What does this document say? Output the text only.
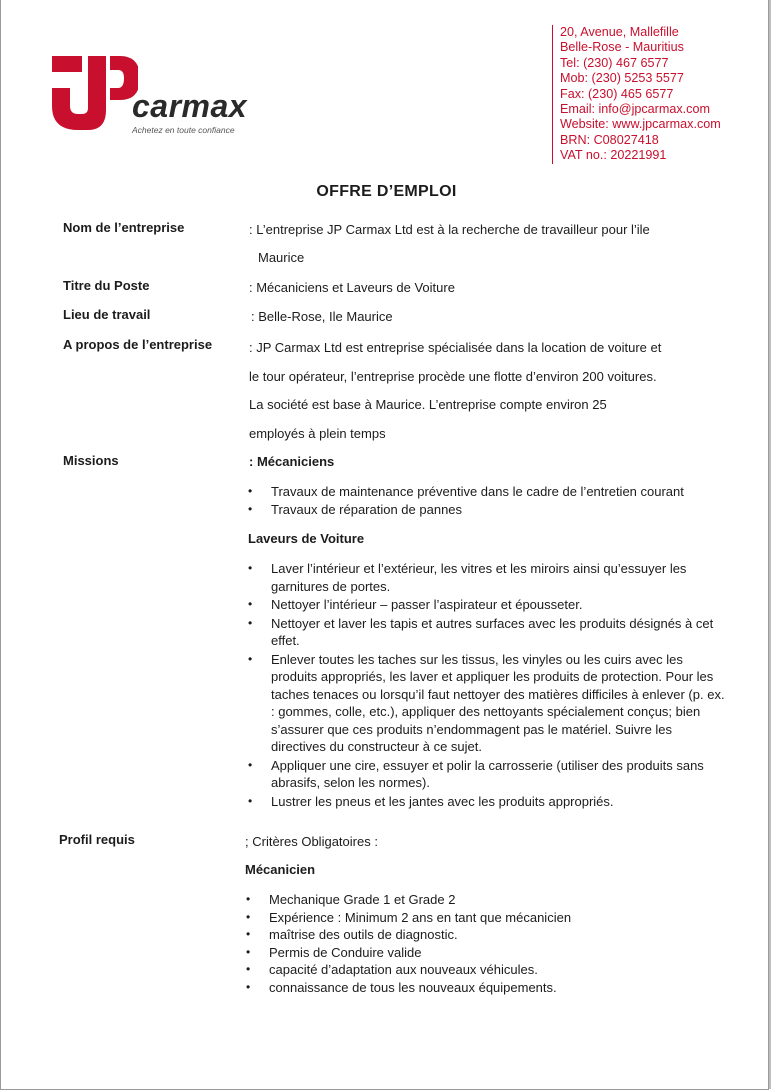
carmax
Achetez en toute confiance
20, Avenue, Mallefille
Belle-Rose - Mauritius
Tel: (230) 467 6577
Mob: (230) 5253 5577
Fax: (230) 465 6577
Email: info@jpcarmax.com
Website: www.jpcarmax.com
BRN: C08027418
VAT no.: 20221991
OFFRE D’EMPLOI
Nom de l’entreprise	: L’entreprise JP Carmax Ltd est à la recherche de travailleur pour l’ile
Maurice
Titre du Poste	: Mécaniciens et Laveurs de Voiture
Lieu de travail	: Belle-Rose, Ile Maurice
A propos de l’entreprise	: JP Carmax Ltd est entreprise spécialisée dans la location de voiture et
le tour opérateur, l’entreprise procède une flotte d’environ 200 voitures.
La société est base à Maurice. L’entreprise compte environ 25
employés à plein temps
Missions	: Mécaniciens
• Travaux de maintenance préventive dans le cadre de l’entretien courant
• Travaux de réparation de pannes
Laveurs de Voiture
• Laver l’intérieur et l’extérieur, les vitres et les miroirs ainsi qu’essuyer les garnitures de portes.
• Nettoyer l’intérieur – passer l’aspirateur et épousseter.
• Nettoyer et laver les tapis et autres surfaces avec les produits désignés à cet effet.
• Enlever toutes les taches sur les tissus, les vinyles ou les cuirs avec les produits appropriés, les laver et appliquer les produits de protection. Pour les taches tenaces ou lorsqu’il faut nettoyer des matières difficiles à enlever (p. ex. : gommes, colle, etc.), appliquer des nettoyants spécialement conçus; bien s’assurer que ces produits n’endommagent pas le matériel. Suivre les directives du constructeur à ce sujet.
• Appliquer une cire, essuyer et polir la carrosserie (utiliser des produits sans abrasifs, selon les normes).
• Lustrer les pneus et les jantes avec les produits appropriés.
Profil requis	; Critères Obligatoires :
Mécanicien
• Mechanique Grade 1 et Grade 2
• Expérience : Minimum 2 ans en tant que mécanicien
• maîtrise des outils de diagnostic.
• Permis de Conduire valide
• capacité d’adaptation aux nouveaux véhicules.
• connaissance de tous les nouveaux équipements.
